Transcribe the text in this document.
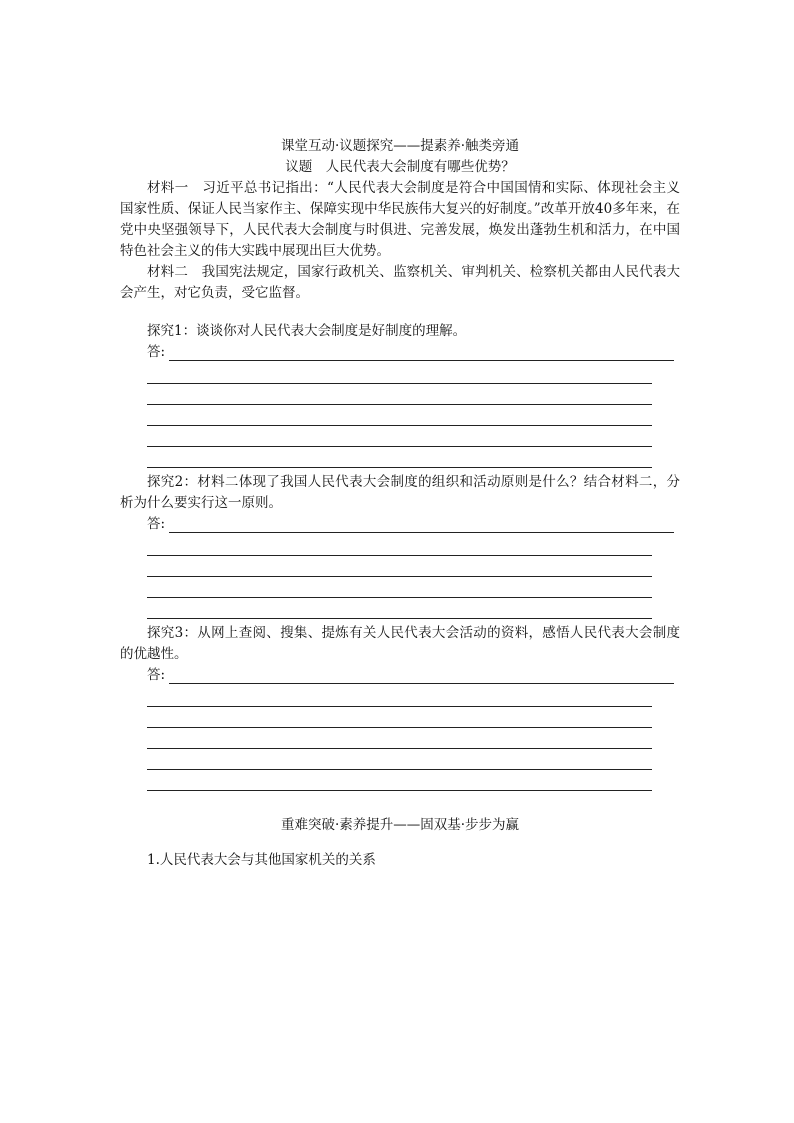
课堂互动·议题探究——提素养·触类旁通

议题　人民代表大会制度有哪些优势？

材料一　习近平总书记指出：“人民代表大会制度是符合中国国情和实际、体现社会主义国家性质、保证人民当家作主、保障实现中华民族伟大复兴的好制度。”改革开放40多年来，在党中央坚强领导下，人民代表大会制度与时俱进、完善发展，焕发出蓬勃生机和活力，在中国特色社会主义的伟大实践中展现出巨大优势。

材料二　我国宪法规定，国家行政机关、监察机关、审判机关、检察机关都由人民代表大会产生，对它负责，受它监督。

探究1：谈谈你对人民代表大会制度是好制度的理解。

答:

探究2：材料二体现了我国人民代表大会制度的组织和活动原则是什么？结合材料二，分析为什么要实行这一原则。

答:

探究3：从网上查阅、搜集、提炼有关人民代表大会活动的资料，感悟人民代表大会制度的优越性。

答:

重难突破·素养提升——固双基·步步为赢

1.人民代表大会与其他国家机关的关系
